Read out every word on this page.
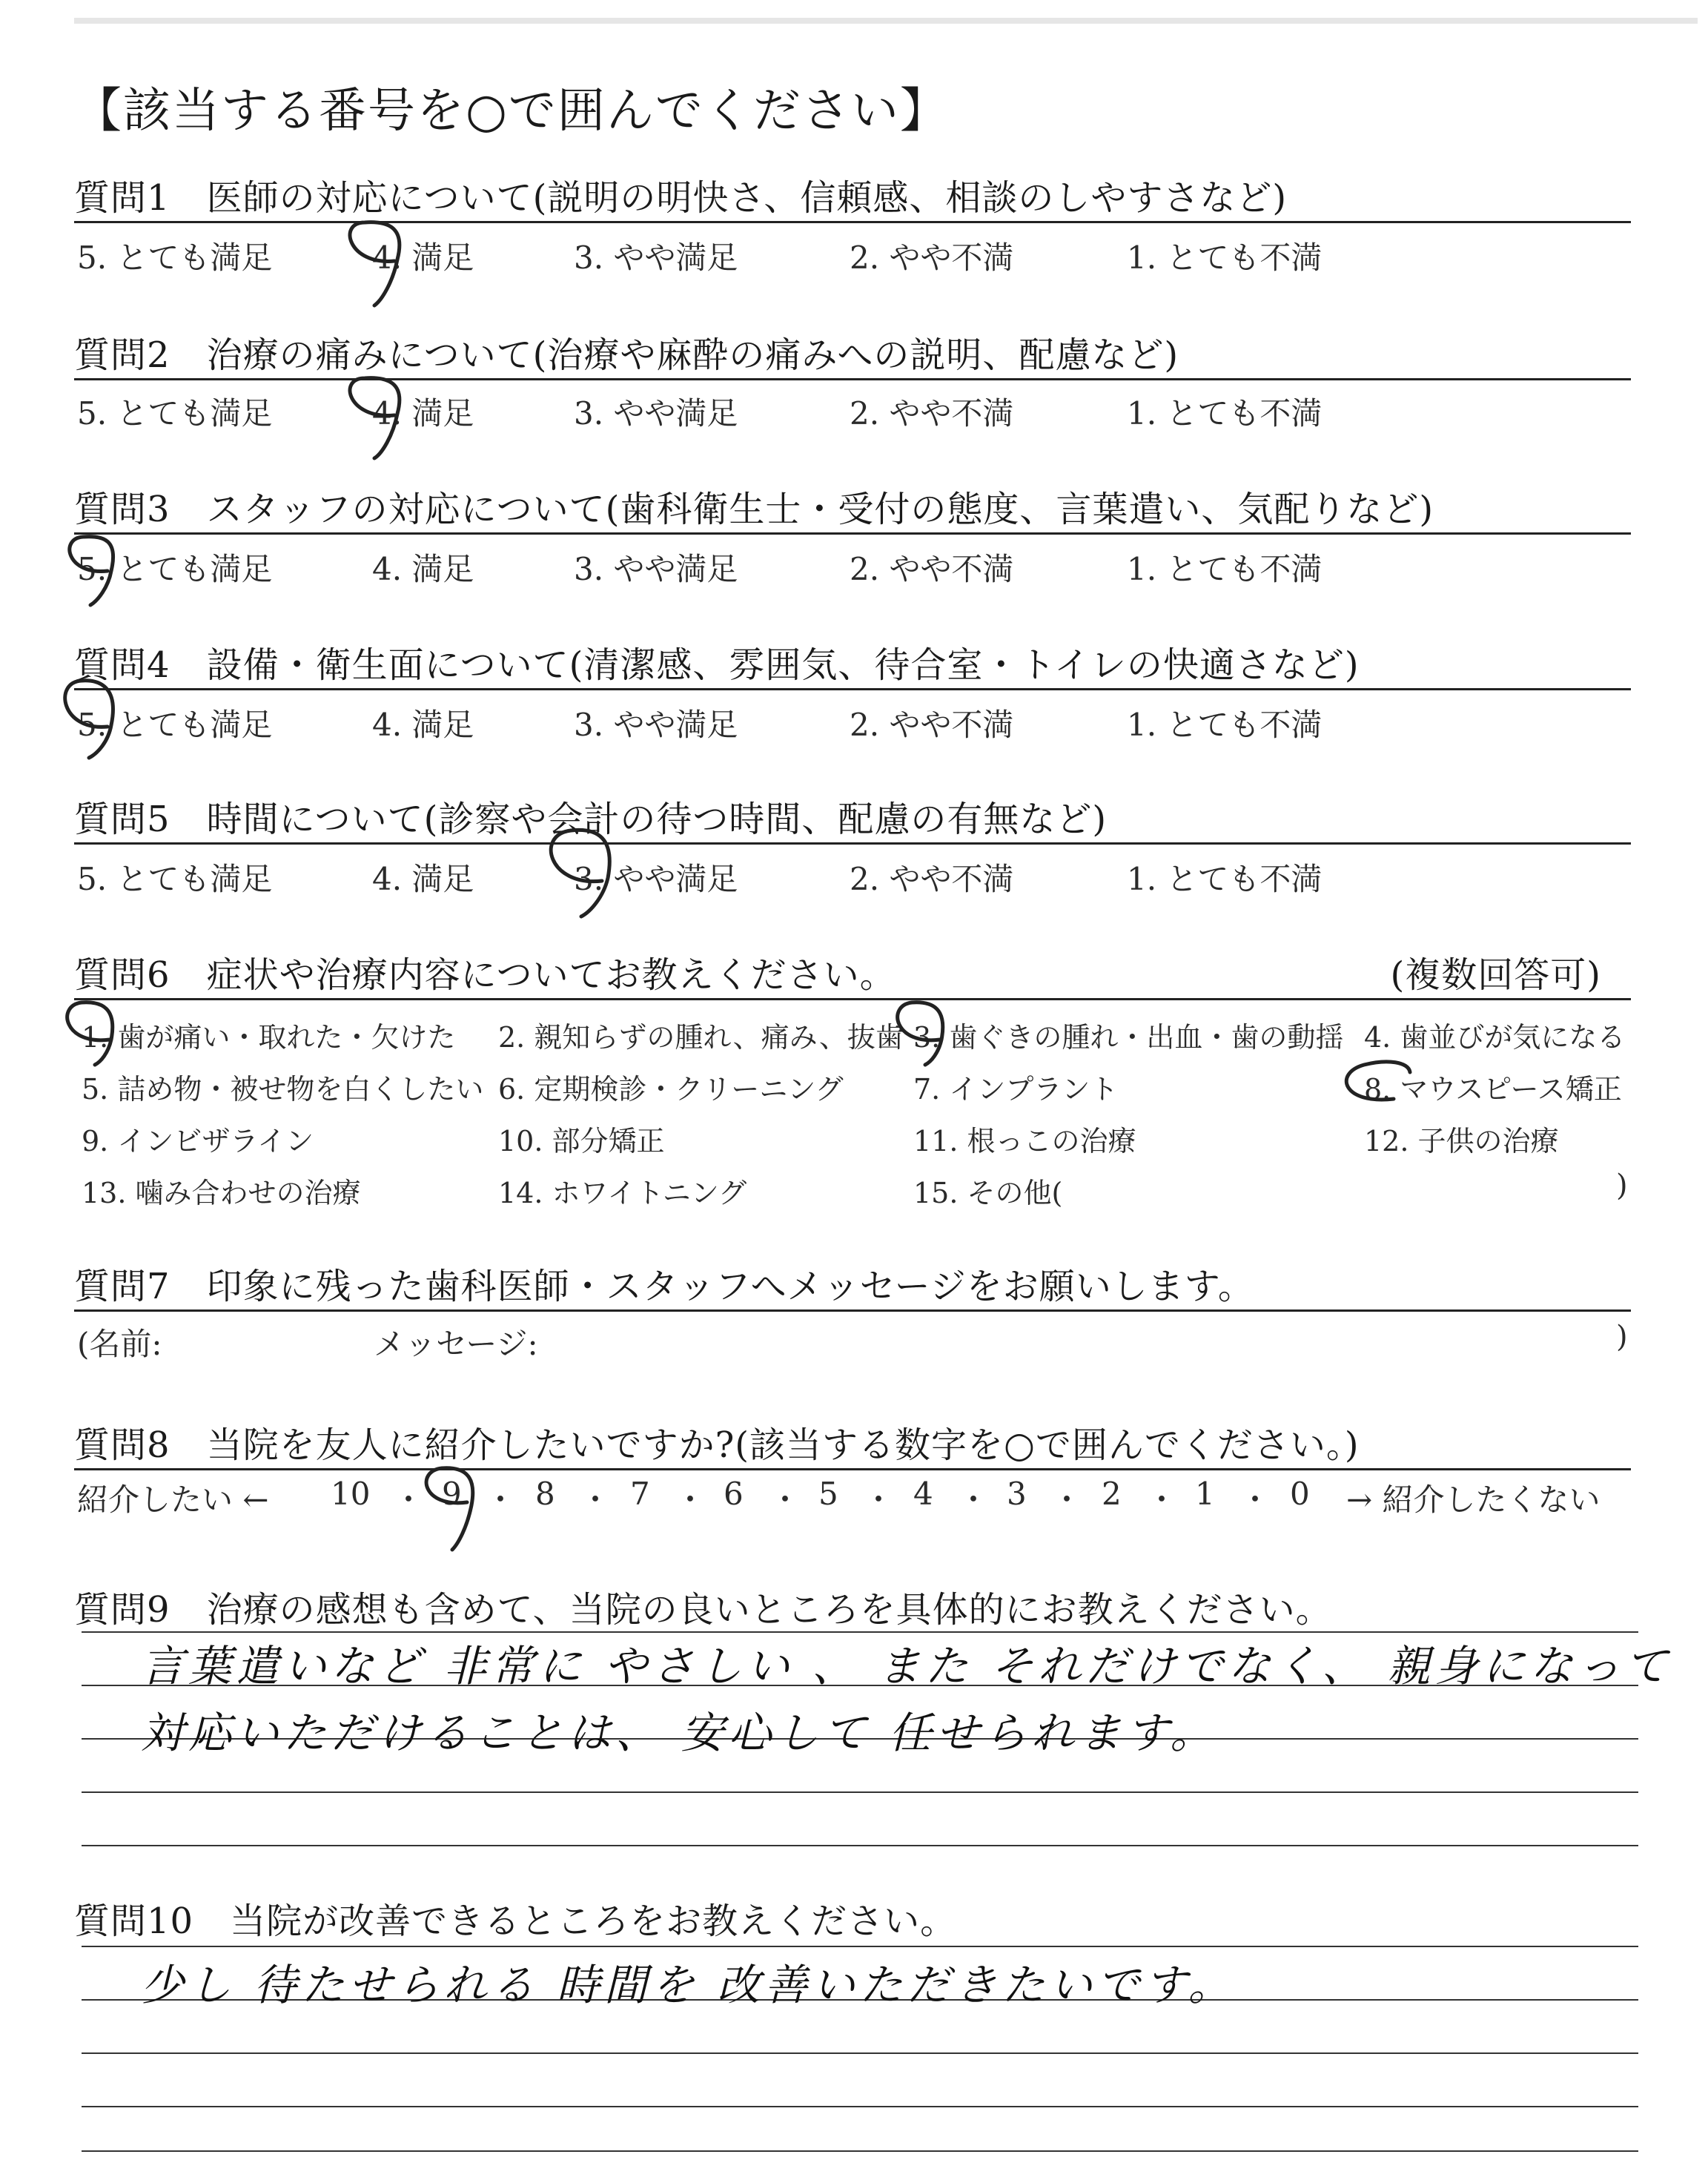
【該当する番号を○で囲んでください】
質問1　 医師の対応について(説明の明快さ、信頼感、相談のしやすさなど)
5. とても満足	4. 満足	3. やや満足	2. やや不満	1. とても不満
質問2　 治療の痛みについて(治療や麻酔の痛みへの説明、配慮など)
5. とても満足	4. 満足	3. やや満足	2. やや不満	1. とても不満
質問3　 スタッフの対応について(歯科衛生士・受付の態度、言葉遣い、気配りなど)
5. とても満足	4. 満足	3. やや満足	2. やや不満	1. とても不満
質問4　 設備・衛生面について(清潔感、雰囲気、待合室・トイレの快適さなど)
5. とても満足	4. 満足	3. やや満足	2. やや不満	1. とても不満
質問5　 時間について(診察や会計の待つ時間、配慮の有無など)
5. とても満足	4. 満足	3. やや満足	2. やや不満	1. とても不満
質問6　 症状や治療内容についてお教えください。	(複数回答可)
1. 歯が痛い・取れた・欠けた 2. 親知らずの腫れ、痛み、抜歯 3. 歯ぐきの腫れ・出血・歯の動揺 4. 歯並びが気になる
5. 詰め物・被せ物を白くしたい 6. 定期検診・クリーニング 7. インプラント	8. マウスピース矯正
9. インビザライン	10. 部分矯正	11. 根っこの治療	12. 子供の治療
13. 噛み合わせの治療	14. ホワイトニング	15. その他(	)
質問7　 印象に残った歯科医師・スタッフへメッセージをお願いします。
(名前:	メッセージ:	)
質問8　 当院を友人に紹介したいですか?(該当する数字を○で囲んでください。)
紹介したい ← 10 ・ 9 ・ 8 ・ 7 ・ 6 ・ 5 ・ 4 ・ 3 ・ 2 ・ 1 ・ 0 → 紹介したくない
質問9　 治療の感想も含めて、当院の良いところを具体的にお教えください。
言葉遣いなど 非常に やさしい 、 また それだけでなく、 親身になって
対応いただけることは、 安心して 任せられます。
質問10　 当院が改善できるところをお教えください。
少し 待たせられる 時間を 改善いただきたいです。
